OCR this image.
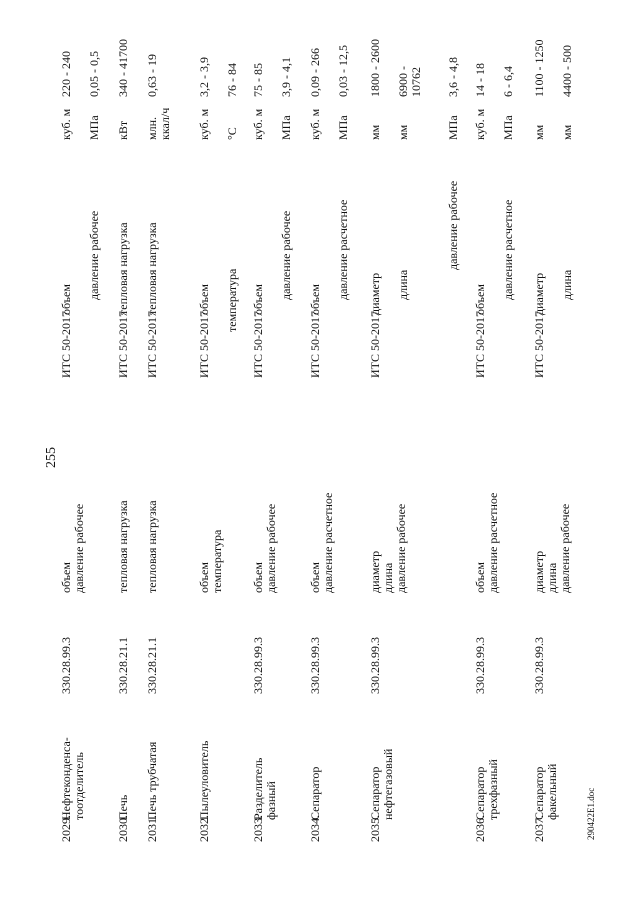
2029.
Нефтеконденса-
тоотделитель
330.28.99.3
объем
давление рабочее
ИТС 50-2017
объем
куб. м
220 - 240
давление рабочее
МПа
0,05 - 0,5
2030.
Печь
330.28.21.1
тепловая нагрузка
ИТС 50-2017
тепловая нагрузка
кВт
340 - 41700
2031.
Печь трубчатая
330.28.21.1
тепловая нагрузка
ИТС 50-2017
тепловая нагрузка
млн.
ккал/ч
0,63 - 19
2032.
Пылеуловитель
объем
температура
ИТС 50-2017
объем
куб. м
3,2 - 3,9
температура
°С
76 - 84
2033.
Разделитель
фазный
330.28.99.3
объем
давление рабочее
ИТС 50-2017
объем
куб. м
75 - 85
давление рабочее
МПа
3,9 - 4,1
2034.
Сепаратор
330.28.99.3
объем
давление расчетное
ИТС 50-2017
объем
куб. м
0,09 - 266
давление расчетное
МПа
0,03 - 12,5
2035.
Сепаратор
нефтегазовый
330.28.99.3
диаметр
длина
давление рабочее
ИТС 50-2017
диаметр
мм
1800 - 2600
длина
мм
6900 -
10762
давление рабочее
МПа
3,6 - 4,8
2036.
Сепаратор
трехфазный
330.28.99.3
объем
давление расчетное
ИТС 50-2017
объем
куб. м
14 - 18
давление расчетное
МПа
6 - 6,4
2037.
Сепаратор
факельный
330.28.99.3
диаметр
длина
давление рабочее
ИТС 50-2017
диаметр
мм
1100 - 1250
длина
мм
4400 - 500
255
290422E1.doc
